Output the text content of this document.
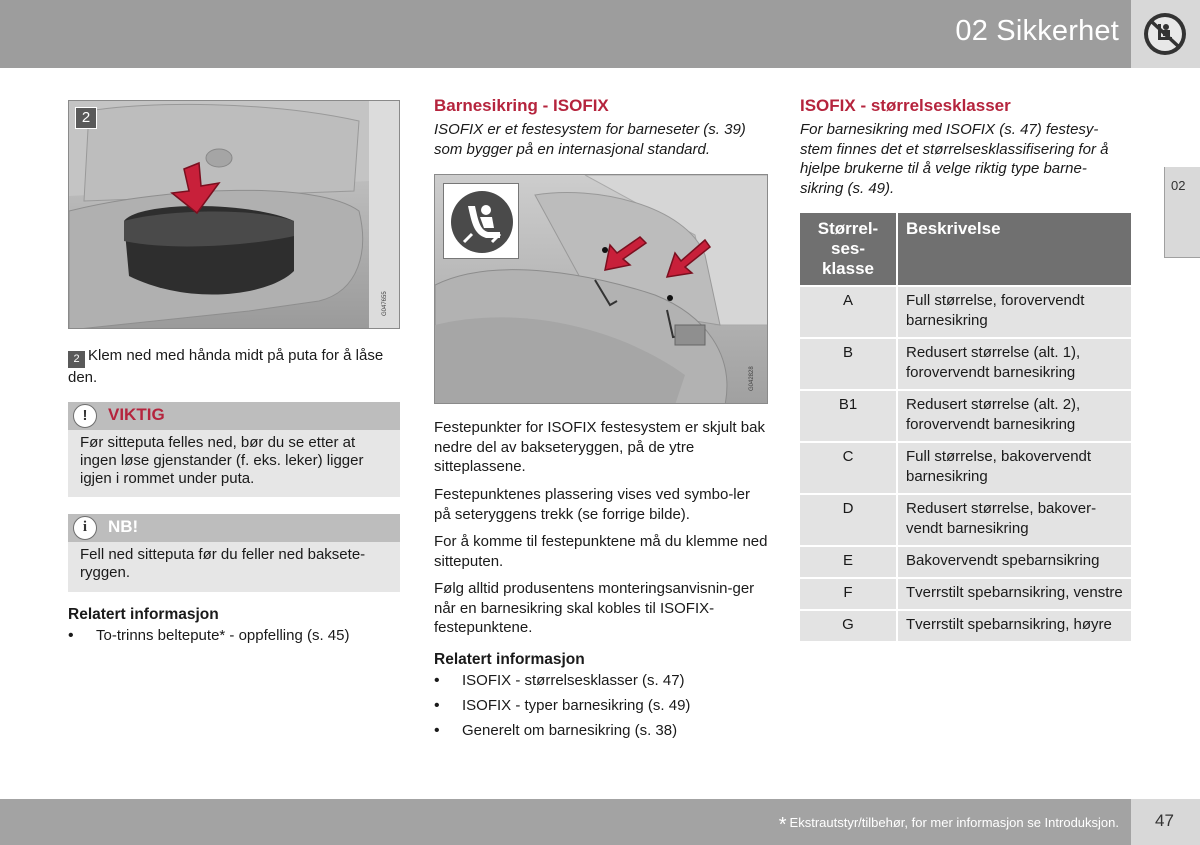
02 Sikkerhet
02
2
G047655
2 Klem ned med hånda midt på puta for å låse den.
!	VIKTIG
Før sitteputa felles ned, bør du se etter at ingen løse gjenstander (f. eks. leker) ligger igjen i rommet under puta.
i	NB!
Fell ned sitteputa før du feller ned baksete-ryggen.
Relatert informasjon
• To-trinns beltepute* - oppfelling (s. 45)
Barnesikring - ISOFIX
ISOFIX er et festesystem for barneseter (s. 39) som bygger på en internasjonal standard.
G042828
Festepunkter for ISOFIX festesystem er skjult bak nedre del av bakseteryggen, på de ytre sitteplassene.
Festepunktenes plassering vises ved symbo-ler på seteryggens trekk (se forrige bilde).
For å komme til festepunktene må du klemme ned sitteputen.
Følg alltid produsentens monteringsanvisnin-ger når en barnesikring skal kobles til ISOFIX-festepunktene.
Relatert informasjon
• ISOFIX - størrelsesklasser (s. 47)
• ISOFIX - typer barnesikring (s. 49)
• Generelt om barnesikring (s. 38)
ISOFIX - størrelsesklasser
For barnesikring med ISOFIX (s. 47) festesy-stem finnes det et størrelsesklassifisering for å hjelpe brukerne til å velge riktig type barne-sikring (s. 49).
Størrel-
ses-
klasse	Beskrivelse
A	Full størrelse, forovervendt barnesikring
B	Redusert størrelse (alt. 1), forovervendt barnesikring
B1	Redusert størrelse (alt. 2), forovervendt barnesikring
C	Full størrelse, bakovervendt barnesikring
D	Redusert størrelse, bakover-vendt barnesikring
E	Bakovervendt spebarnsikring
F	Tverrstilt spebarnsikring, venstre
G	Tverrstilt spebarnsikring, høyre
* Ekstrautstyr/tilbehør, for mer informasjon se Introduksjon. 47
